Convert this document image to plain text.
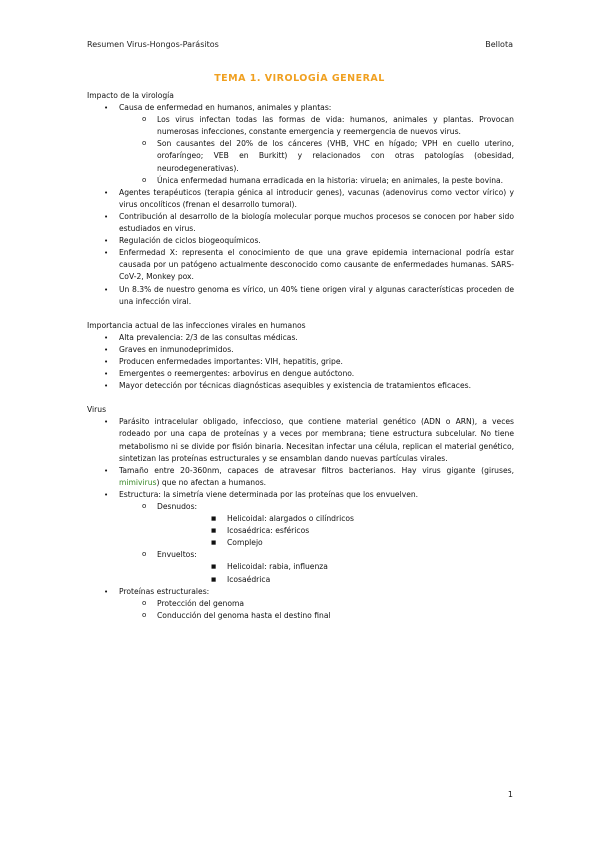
Resumen Virus-Hongos-Parásitos	Bellota
TEMA 1. VIROLOGÍA GENERAL

Impacto de la virología

• Causa de enfermedad en humanos, animales y plantas:
o Los virus infectan todas las formas de vida: humanos, animales y plantas. Provocan numerosas infecciones, constante emergencia y reemergencia de nuevos virus.
o Son causantes del 20% de los cánceres (VHB, VHC en hígado; VPH en cuello uterino, orofaríngeo; VEB en Burkitt) y relacionados con otras patologías (obesidad, neurodegenerativas).
o Única enfermedad humana erradicada en la historia: viruela; en animales, la peste bovina.
• Agentes terapéuticos (terapia génica al introducir genes), vacunas (adenovirus como vector vírico) y virus oncolíticos (frenan el desarrollo tumoral).
• Contribución al desarrollo de la biología molecular porque muchos procesos se conocen por haber sido estudiados en virus.
• Regulación de ciclos biogeoquímicos.
• Enfermedad X: representa el conocimiento de que una grave epidemia internacional podría estar causada por un patógeno actualmente desconocido como causante de enfermedades humanas. SARS-CoV-2, Monkey pox.
• Un 8.3% de nuestro genoma es vírico, un 40% tiene origen viral y algunas características proceden de una infección viral.

Importancia actual de las infecciones virales en humanos

• Alta prevalencia: 2/3 de las consultas médicas.
• Graves en inmunodeprimidos.
• Producen enfermedades importantes: VIH, hepatitis, gripe.
• Emergentes o reemergentes: arbovirus en dengue autóctono.
• Mayor detección por técnicas diagnósticas asequibles y existencia de tratamientos eficaces.

Virus

• Parásito intracelular obligado, infeccioso, que contiene material genético (ADN o ARN), a veces rodeado por una capa de proteínas y a veces por membrana; tiene estructura subcelular. No tiene metabolismo ni se divide por fisión binaria. Necesitan infectar una célula, replican el material genético, sintetizan las proteínas estructurales y se ensamblan dando nuevas partículas virales.
• Tamaño entre 20-360nm, capaces de atravesar filtros bacterianos. Hay virus gigante (giruses, mimivirus) que no afectan a humanos.
• Estructura: la simetría viene determinada por las proteínas que los envuelven.
o Desnudos:
■ Helicoidal: alargados o cilíndricos
■ Icosaédrica: esféricos
■ Complejo
o Envueltos:
■ Helicoidal: rabia, influenza
■ Icosaédrica
• Proteínas estructurales:
o Protección del genoma
o Conducción del genoma hasta el destino final
1
